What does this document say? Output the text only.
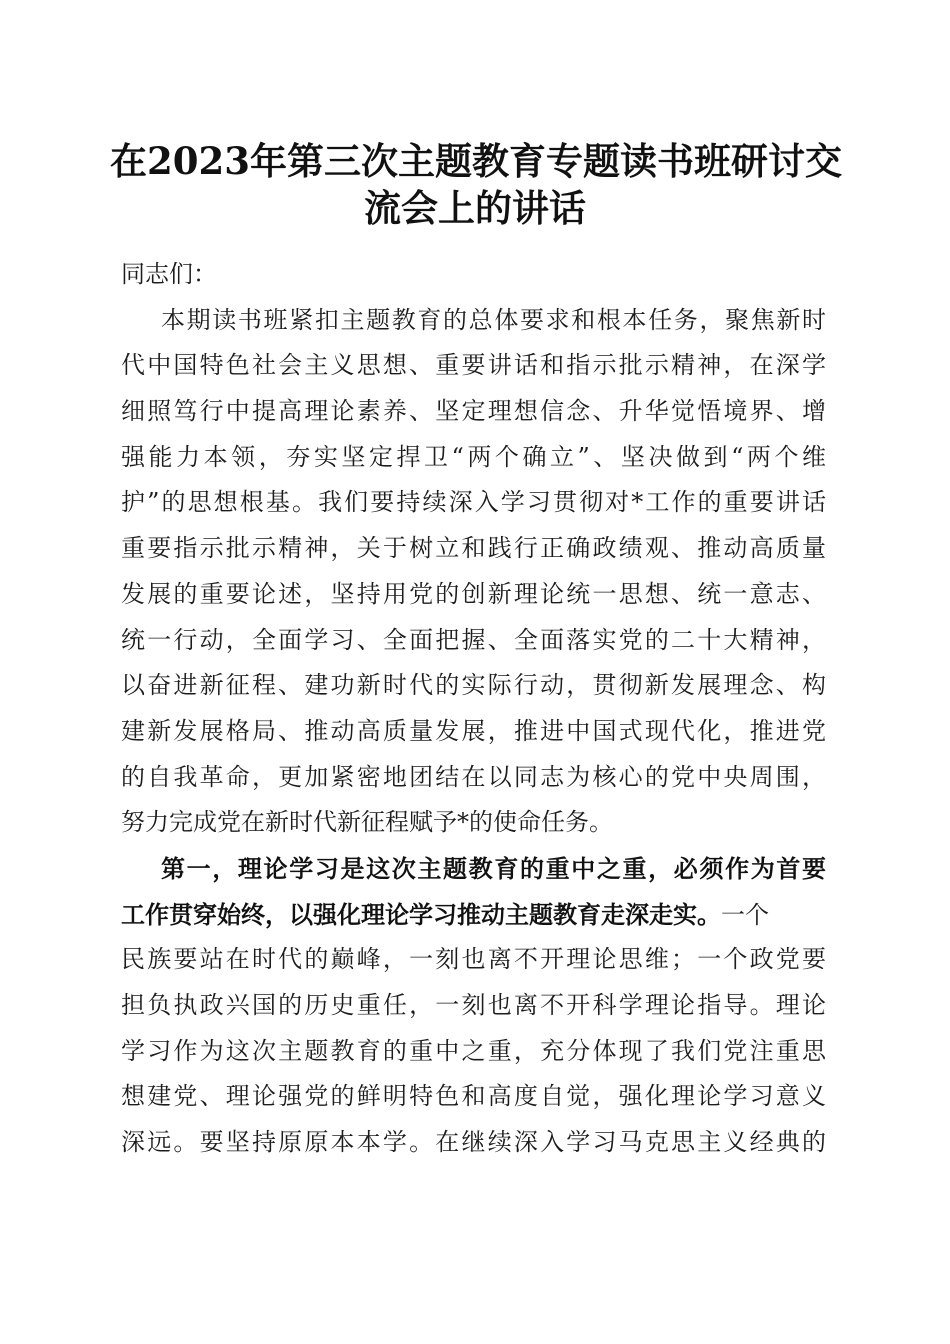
在2023年第三次主题教育专题读书班研讨交
流会上的讲话
同志们：
本期读书班紧扣主题教育的总体要求和根本任务，聚焦新时
代中国特色社会主义思想、重要讲话和指示批示精神，在深学
细照笃行中提高理论素养、坚定理想信念、升华觉悟境界、增
强能力本领，夯实坚定捍卫“两个确立”、坚决做到“两个维
护”的思想根基。我们要持续深入学习贯彻对*工作的重要讲话
重要指示批示精神，关于树立和践行正确政绩观、推动高质量
发展的重要论述，坚持用党的创新理论统一思想、统一意志、
统一行动，全面学习、全面把握、全面落实党的二十大精神，
以奋进新征程、建功新时代的实际行动，贯彻新发展理念、构
建新发展格局、推动高质量发展，推进中国式现代化，推进党
的自我革命，更加紧密地团结在以同志为核心的党中央周围，
努力完成党在新时代新征程赋予*的使命任务。
第一，理论学习是这次主题教育的重中之重，必须作为首要
工作贯穿始终，以强化理论学习推动主题教育走深走实。一个
民族要站在时代的巅峰，一刻也离不开理论思维；一个政党要
担负执政兴国的历史重任，一刻也离不开科学理论指导。理论
学习作为这次主题教育的重中之重，充分体现了我们党注重思
想建党、理论强党的鲜明特色和高度自觉，强化理论学习意义
深远。要坚持原原本本学。在继续深入学习马克思主义经典的
